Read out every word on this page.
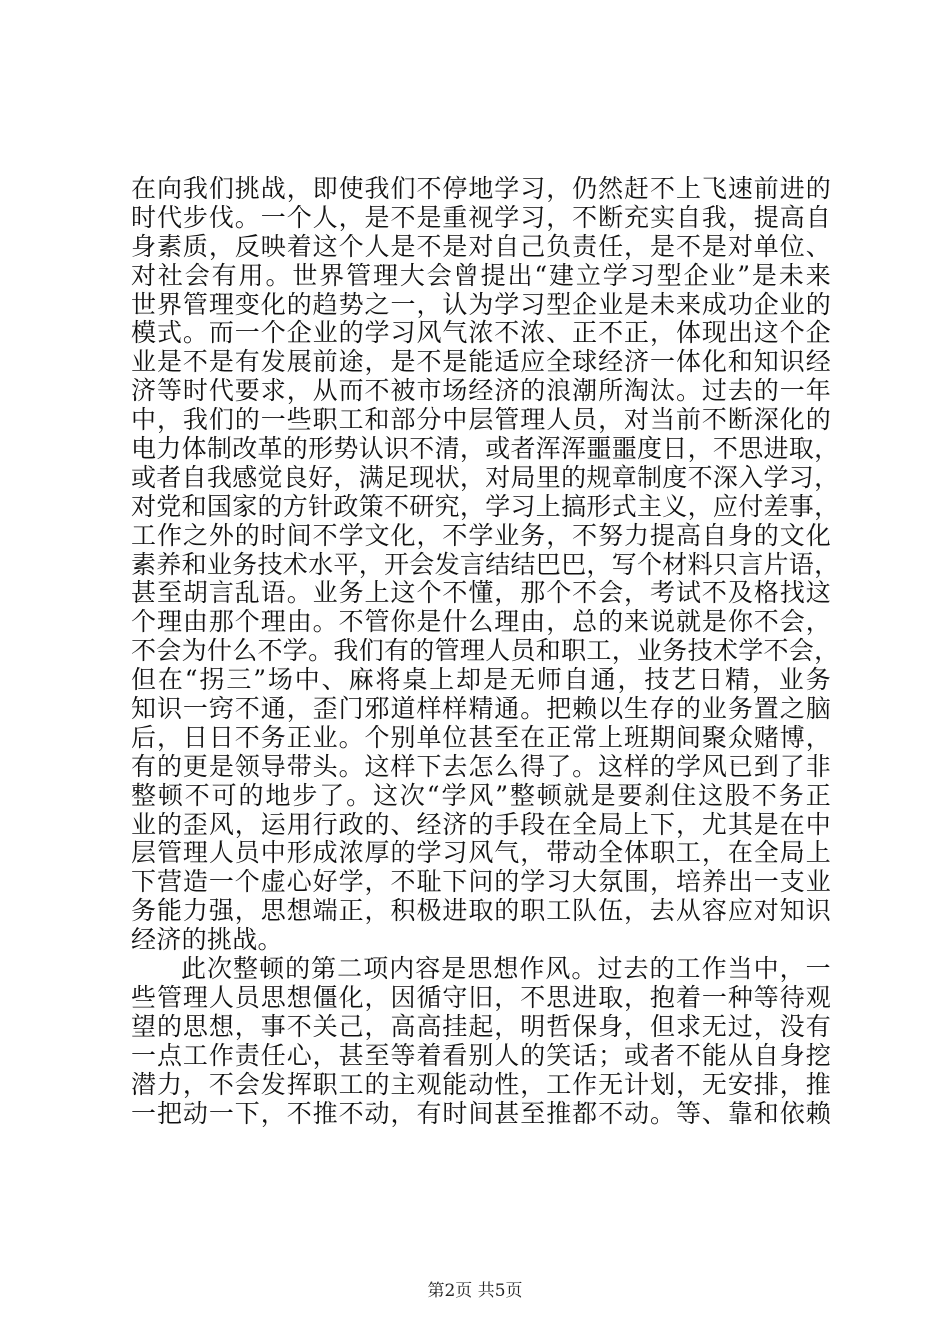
在向我们挑战，即使我们不停地学习，仍然赶不上飞速前进的
时代步伐。一个人，是不是重视学习，不断充实自我，提高自
身素质，反映着这个人是不是对自己负责任，是不是对单位、
对社会有用。世界管理大会曾提出“建立学习型企业”是未来
世界管理变化的趋势之一，认为学习型企业是未来成功企业的
模式。而一个企业的学习风气浓不浓、正不正，体现出这个企
业是不是有发展前途，是不是能适应全球经济一体化和知识经
济等时代要求，从而不被市场经济的浪潮所淘汰。过去的一年
中，我们的一些职工和部分中层管理人员，对当前不断深化的
电力体制改革的形势认识不清，或者浑浑噩噩度日，不思进取，
或者自我感觉良好，满足现状，对局里的规章制度不深入学习，
对党和国家的方针政策不研究，学习上搞形式主义，应付差事，
工作之外的时间不学文化，不学业务，不努力提高自身的文化
素养和业务技术水平，开会发言结结巴巴，写个材料只言片语，
甚至胡言乱语。业务上这个不懂，那个不会，考试不及格找这
个理由那个理由。不管你是什么理由，总的来说就是你不会，
不会为什么不学。我们有的管理人员和职工，业务技术学不会，
但在“拐三”场中、麻将桌上却是无师自通，技艺日精，业务
知识一窍不通，歪门邪道样样精通。把赖以生存的业务置之脑
后，日日不务正业。个别单位甚至在正常上班期间聚众赌博，
有的更是领导带头。这样下去怎么得了。这样的学风已到了非
整顿不可的地步了。这次“学风”整顿就是要刹住这股不务正
业的歪风，运用行政的、经济的手段在全局上下，尤其是在中
层管理人员中形成浓厚的学习风气，带动全体职工，在全局上
下营造一个虚心好学，不耻下问的学习大氛围，培养出一支业
务能力强，思想端正，积极进取的职工队伍，去从容应对知识
经济的挑战。
此次整顿的第二项内容是思想作风。过去的工作当中，一
些管理人员思想僵化，因循守旧，不思进取，抱着一种等待观
望的思想，事不关己，高高挂起，明哲保身，但求无过，没有
一点工作责任心，甚至等着看别人的笑话；或者不能从自身挖
潜力，不会发挥职工的主观能动性，工作无计划，无安排，推
一把动一下，不推不动，有时间甚至推都不动。等、靠和依赖
第2页 共5页
